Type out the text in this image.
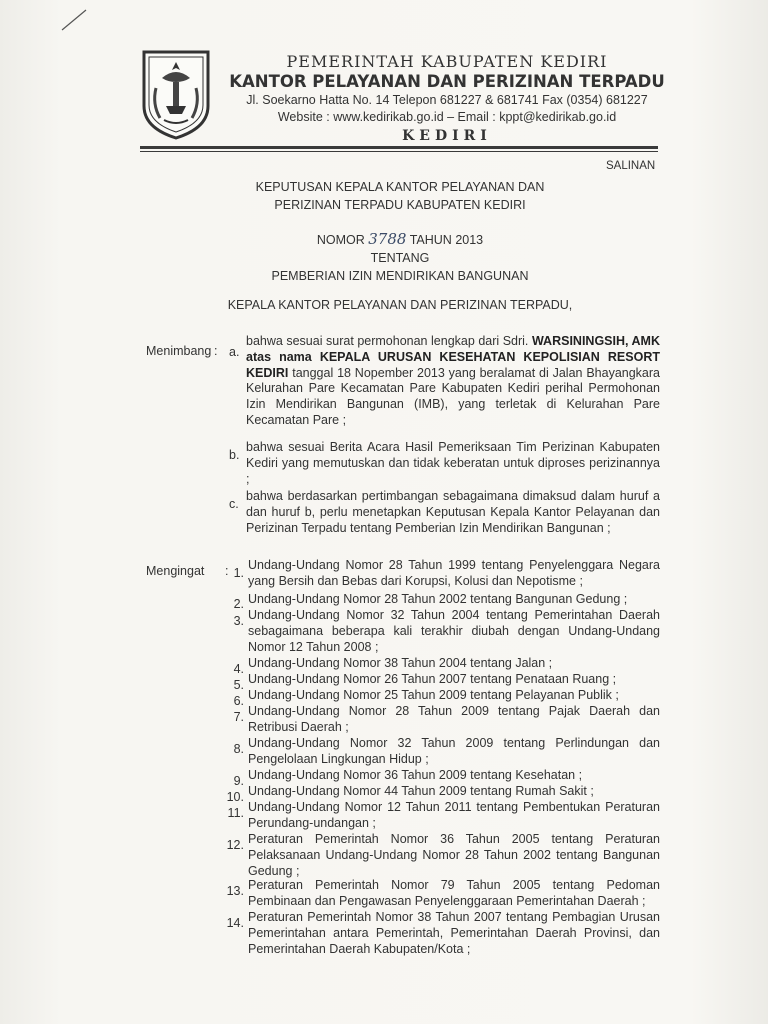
PEMERINTAH KABUPATEN KEDIRI
KANTOR PELAYANAN DAN PERIZINAN TERPADU
Jl. Soekarno Hatta No. 14 Telepon 681227 & 681741 Fax (0354) 681227
Website : www.kedirikab.go.id – Email : kppt@kedirikab.go.id
KEDIRI
SALINAN
KEPUTUSAN KEPALA KANTOR PELAYANAN DAN
PERIZINAN TERPADU KABUPATEN KEDIRI
NOMOR 3788 TAHUN 2013
TENTANG
PEMBERIAN IZIN MENDIRIKAN BANGUNAN
KEPALA KANTOR PELAYANAN DAN PERIZINAN TERPADU,
Menimbang : a.
bahwa sesuai surat permohonan lengkap dari Sdri. WARSININGSIH, AMK atas nama KEPALA URUSAN KESEHATAN KEPOLISIAN RESORT KEDIRI tanggal 18 Nopember 2013 yang beralamat di Jalan Bhayangkara Kelurahan Pare Kecamatan Pare Kabupaten Kediri perihal Permohonan Izin Mendirikan Bangunan (IMB), yang terletak di Kelurahan Pare Kecamatan Pare ;
b.
bahwa sesuai Berita Acara Hasil Pemeriksaan Tim Perizinan Kabupaten Kediri yang memutuskan dan tidak keberatan untuk diproses perizinannya ;
c.
bahwa berdasarkan pertimbangan sebagaimana dimaksud dalam huruf a dan huruf b, perlu menetapkan Keputusan Kepala Kantor Pelayanan dan Perizinan Terpadu tentang Pemberian Izin Mendirikan Bangunan ;
Mengingat : 1.
Undang-Undang Nomor 28 Tahun 1999 tentang Penyelenggara Negara yang Bersih dan Bebas dari Korupsi, Kolusi dan Nepotisme ;
2. Undang-Undang Nomor 28 Tahun 2002 tentang Bangunan Gedung ;
3. Undang-Undang Nomor 32 Tahun 2004 tentang Pemerintahan Daerah sebagaimana beberapa kali terakhir diubah dengan Undang-Undang Nomor 12 Tahun 2008 ;
4. Undang-Undang Nomor 38 Tahun 2004 tentang Jalan ;
5. Undang-Undang Nomor 26 Tahun 2007 tentang Penataan Ruang ;
6. Undang-Undang Nomor 25 Tahun 2009 tentang Pelayanan Publik ;
7. Undang-Undang Nomor 28 Tahun 2009 tentang Pajak Daerah dan Retribusi Daerah ;
8. Undang-Undang Nomor 32 Tahun 2009 tentang Perlindungan dan Pengelolaan Lingkungan Hidup ;
9. Undang-Undang Nomor 36 Tahun 2009 tentang Kesehatan ;
10. Undang-Undang Nomor 44 Tahun 2009 tentang Rumah Sakit ;
11. Undang-Undang Nomor 12 Tahun 2011 tentang Pembentukan Peraturan Perundang-undangan ;
12. Peraturan Pemerintah Nomor 36 Tahun 2005 tentang Peraturan Pelaksanaan Undang-Undang Nomor 28 Tahun 2002 tentang Bangunan Gedung ;
13. Peraturan Pemerintah Nomor 79 Tahun 2005 tentang Pedoman Pembinaan dan Pengawasan Penyelenggaraan Pemerintahan Daerah ;
14. Peraturan Pemerintah Nomor 38 Tahun 2007 tentang Pembagian Urusan Pemerintahan antara Pemerintah, Pemerintahan Daerah Provinsi, dan Pemerintahan Daerah Kabupaten/Kota ;
